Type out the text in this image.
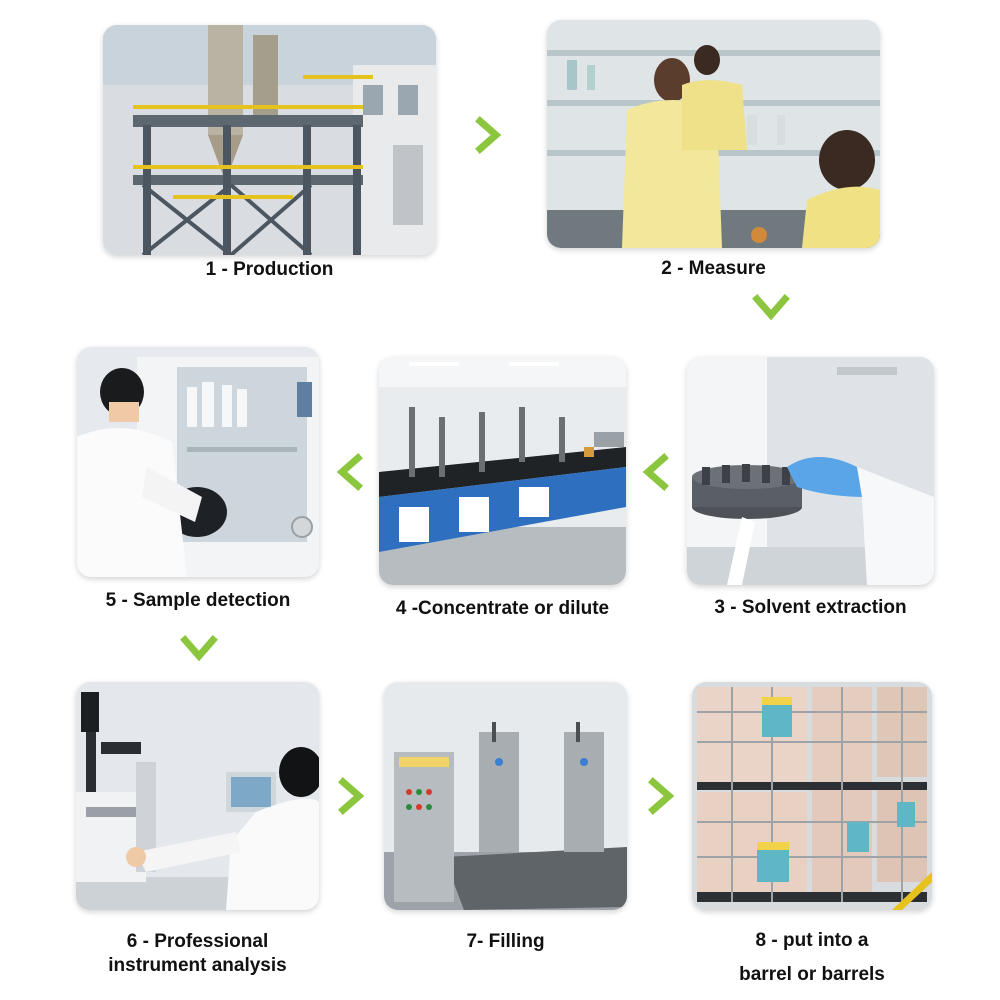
1 - Production	2 - Measure
3 - Solvent extraction
4 -Concentrate or dilute
5 - Sample detection
6 - Professional
instrument analysis
7- Filling	8 - put into a
barrel or barrels
